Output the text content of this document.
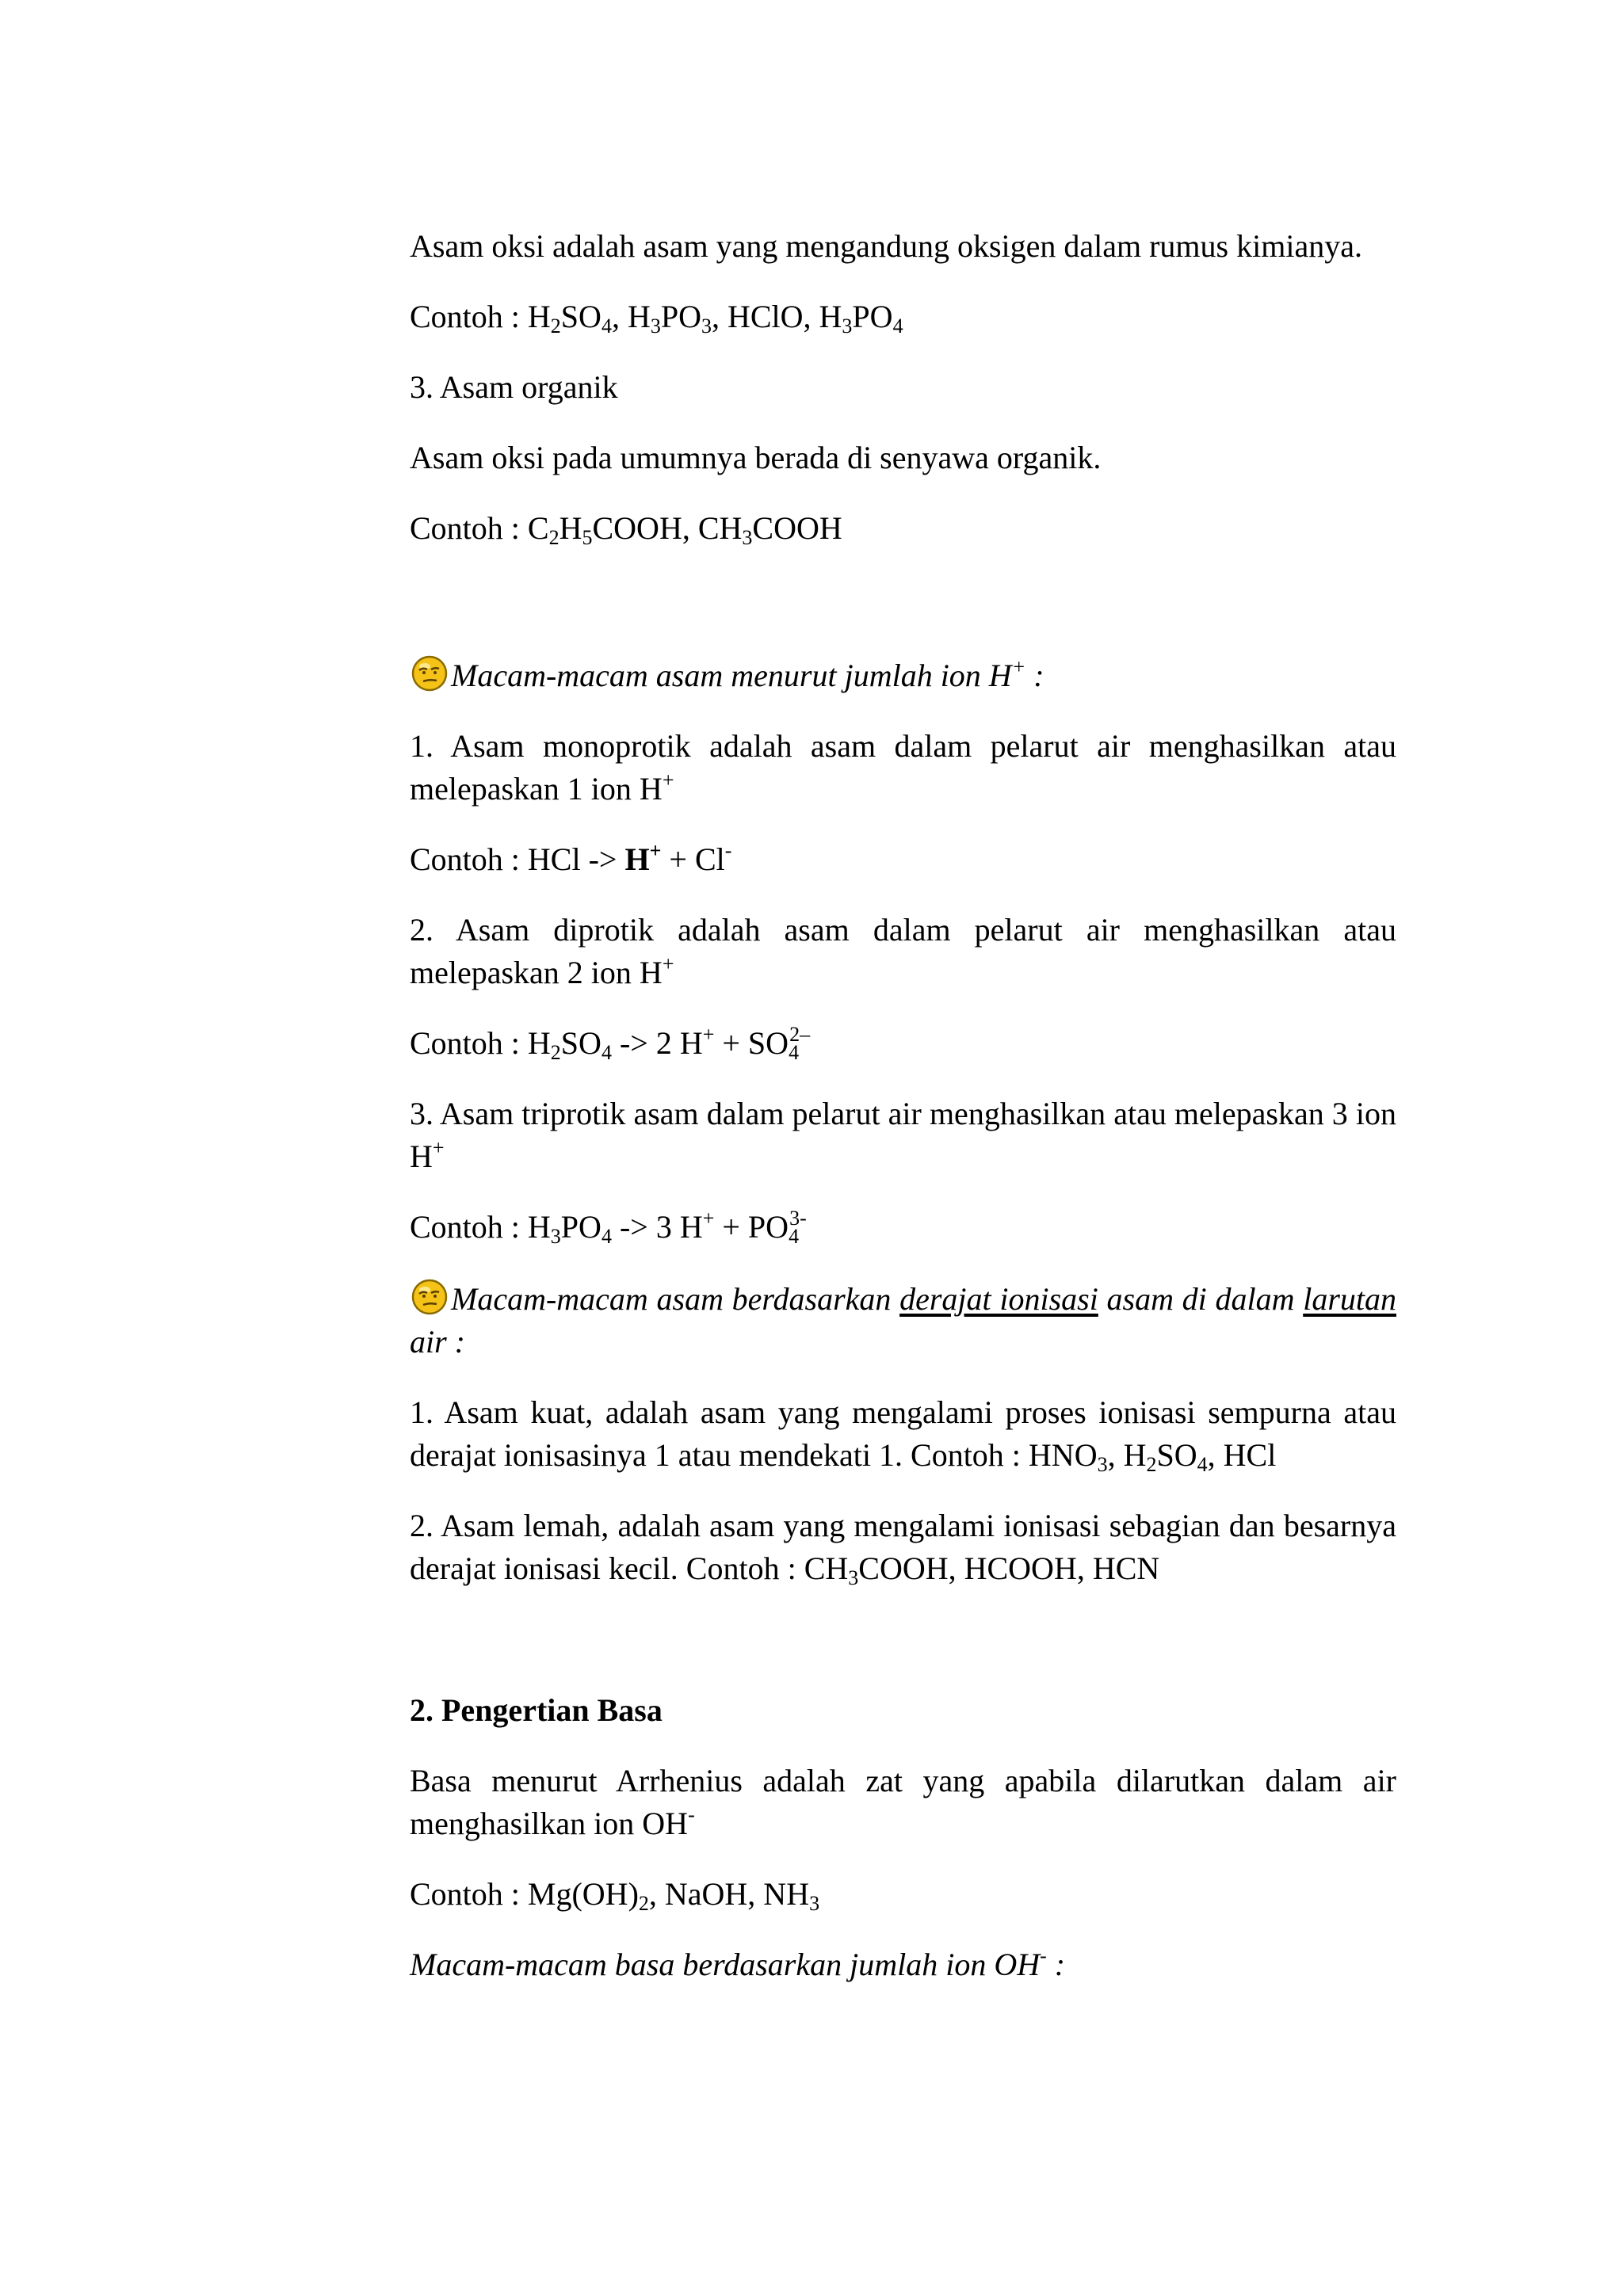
Asam oksi adalah asam yang mengandung oksigen dalam rumus kimianya.

Contoh : $H_2SO_4$, $H_3PO_3$, HClO, $H_3PO_4$

3. Asam organik

Asam oksi pada umumnya berada di senyawa organik.

Contoh : $C_2H_5COOH$, $CH_3COOH$

Macam-macam asam menurut jumlah ion H+ :

1. Asam monoprotik adalah asam dalam pelarut air menghasilkan atau melepaskan 1 ion H+

Contoh : HCl -> H+ + Cl-

2. Asam diprotik adalah asam dalam pelarut air menghasilkan atau melepaskan 2 ion H+

Contoh : $H_2SO_4 -> 2$ $H^+ + SO_4^{2-}$

3. Asam triprotik asam dalam pelarut air menghasilkan atau melepaskan 3 ion H+

Contoh : $H_3PO_4 -> 3$ $H^+ + PO_4^{3-}$

Macam-macam asam berdasarkan derajat ionisasi asam di dalam larutan air :

1. Asam kuat, adalah asam yang mengalami proses ionisasi sempurna atau derajat ionisasinya 1 atau mendekati 1. Contoh : $HNO_3$, $H_2SO_4$, HCl

2. Asam lemah, adalah asam yang mengalami ionisasi sebagian dan besarnya derajat ionisasi kecil. Contoh : $CH_3COOH$, HCOOH, HCN

2. Pengertian Basa

Basa menurut Arrhenius adalah zat yang apabila dilarutkan dalam air menghasilkan ion OH-

Contoh : $Mg(OH)_2$, NaOH, $NH_3$

Macam-macam basa berdasarkan jumlah ion OH- :
